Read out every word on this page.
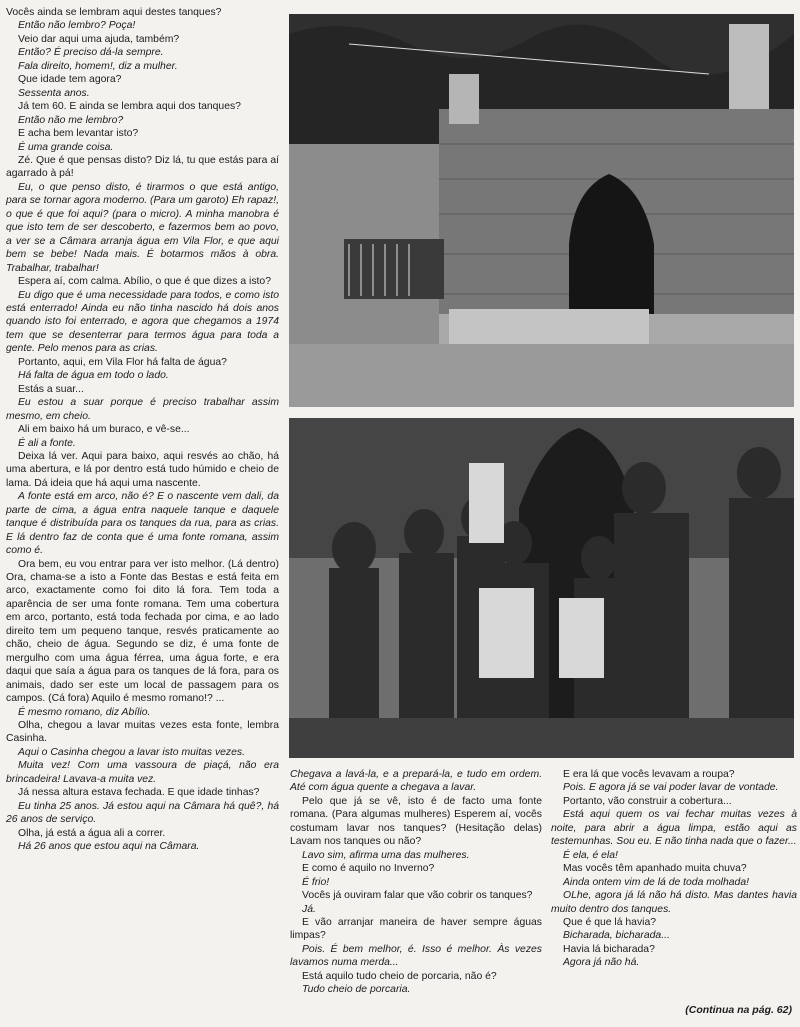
Vocês ainda se lembram aqui destes tanques?

Então não lembro? Poça!

Veio dar aqui uma ajuda, também?

Então? É preciso dá-la sempre.

Fala direito, homem!, diz a mulher.

Que idade tem agora?

Sessenta anos.

Já tem 60. E ainda se lembra aqui dos tanques?

Então não me lembro?

E acha bem levantar isto?

É uma grande coisa.

Zé. Que é que pensas disto? Diz lá, tu que estás para aí agarrado à pá!

Eu, o que penso disto, é tirarmos o que está antigo, para se tornar agora moderno. (Para um garoto) Eh rapaz!, o que é que foi aqui? (para o micro). A minha manobra é que isto tem de ser descoberto, e fazermos bem ao povo, a ver se a Câmara arranja água em Vila Flor, e que aqui bem se bebe! Nada mais. É botarmos mãos à obra. Trabalhar, trabalhar!

Espera aí, com calma. Abílio, o que é que dizes a isto?

Eu digo que é uma necessidade para todos, e como isto está enterrado! Ainda eu não tinha nascido há dois anos quando isto foi enterrado, e agora que chegamos a 1974 tem que se desenterrar para termos água para toda a gente. Pelo menos para as crias.

Portanto, aqui, em Vila Flor há falta de água?

Há falta de água em todo o lado.

Estás a suar...

Eu estou a suar porque é preciso trabalhar assim mesmo, em cheio.

Ali em baixo há um buraco, e vê-se...

É ali a fonte.

Deixa lá ver. Aqui para baixo, aqui resvés ao chão, há uma abertura, e lá por dentro está tudo húmido e cheio de lama. Dá ideia que há aqui uma nascente.

A fonte está em arco, não é? E o nascente vem dali, da parte de cima, a água entra naquele tanque e daquele tanque é distribuída para os tanques da rua, para as crias. E lá dentro faz de conta que é uma fonte romana, assim como é.

Ora bem, eu vou entrar para ver isto melhor. (Lá dentro) Ora, chama-se a isto a Fonte das Bestas e está feita em arco, exactamente como foi dito lá fora. Tem toda a aparência de ser uma fonte romana. Tem uma cobertura em arco, portanto, está toda fechada por cima, e ao lado direito tem um pequeno tanque, resvés praticamente ao chão, cheio de água. Segundo se diz, é uma fonte de mergulho com uma água férrea, uma água forte, e era daqui que saía a água para os tanques de lá fora, para os animais, dado ser este um local de passagem para os campos. (Cá fora) Aquilo é mesmo romano!? ...

É mesmo romano, diz Abílio.

Olha, chegou a lavar muitas vezes esta fonte, lembra Casinha.

Aqui o Casinha chegou a lavar isto muitas vezes.

Muita vez! Com uma vassoura de piaçá, não era brincadeira! Lavava-a muita vez.

Já nessa altura estava fechada. E que idade tinhas?

Eu tinha 25 anos. Já estou aqui na Câmara há quê?, há 26 anos de serviço.

Olha, já está a água ali a correr.

Há 26 anos que estou aqui na Câmara.

Chegava a lavá-la, e a prepará-la, e tudo em ordem. Até com água quente a chegava a lavar.

Pelo que já se vê, isto é de facto uma fonte romana. (Para algumas mulheres) Esperem aí, vocês costumam lavar nos tanques? (Hesitação delas) Lavam nos tanques ou não?

Lavo sim, afirma uma das mulheres.

E como é aquilo no Inverno?

É frio!

Vocês já ouviram falar que vão cobrir os tanques?

Já.

E vão arranjar maneira de haver sempre águas limpas?

Pois. É bem melhor, é. Isso é melhor. Às vezes lavamos numa merda...

Está aquilo tudo cheio de porcaria, não é?

Tudo cheio de porcaria.

E era lá que vocês levavam a roupa?

Pois. E agora já se vai poder lavar de vontade.

Portanto, vão construir a cobertura...

Está aqui quem os vai fechar muitas vezes à noite, para abrir a água limpa, estão aqui as testemunhas. Sou eu. E não tinha nada que o fazer...

É ela, é ela!

Mas vocês têm apanhado muita chuva?

Ainda ontem vim de lá de toda molhada!

OLhe, agora já lá não há disto. Mas dantes havia muito dentro dos tanques.

Que é que lá havia?

Bicharada, bicharada...

Havia lá bicharada?

Agora já não há.

(Continua na pág. 62)
